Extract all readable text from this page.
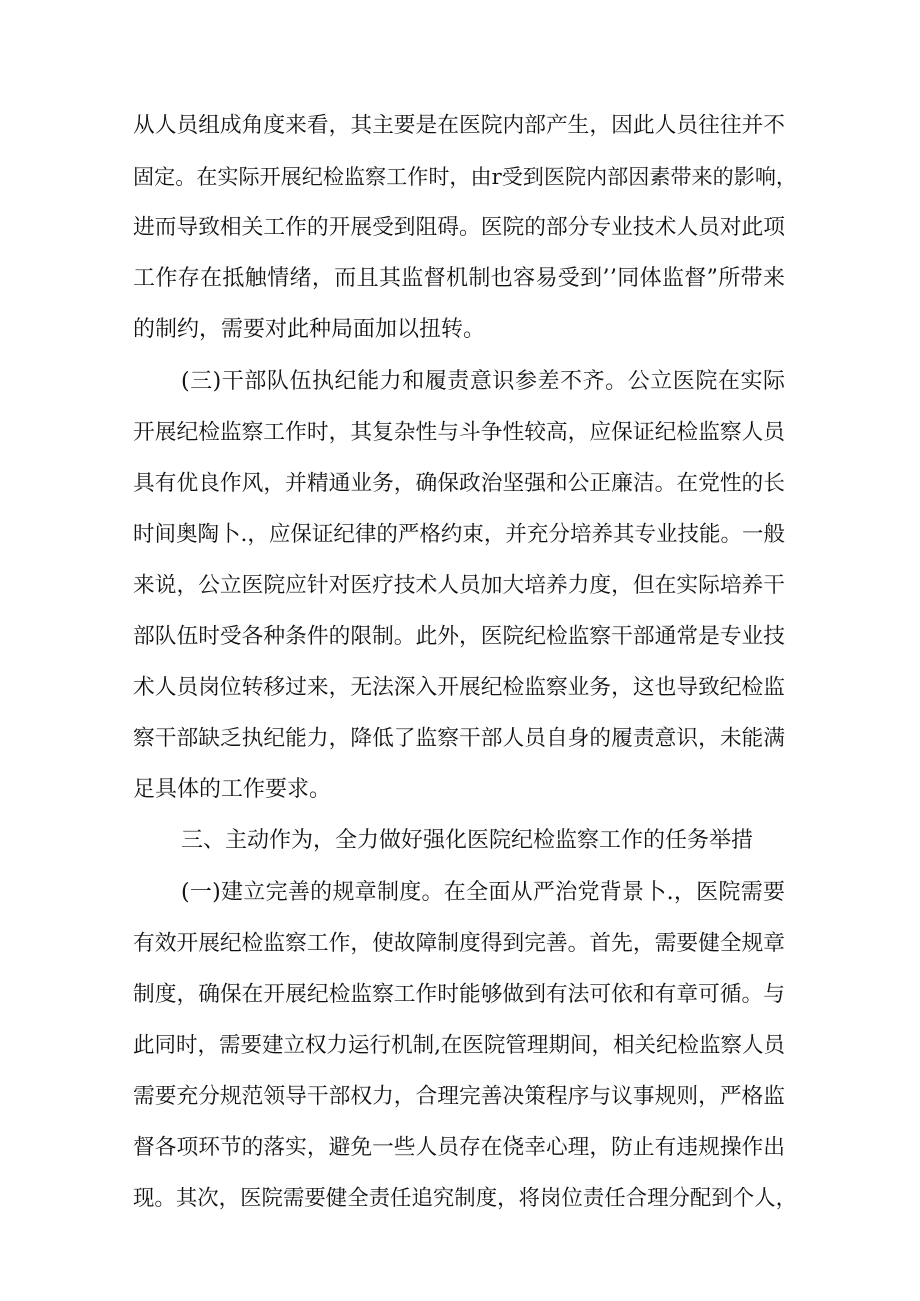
从人员组成角度来看，其主要是在医院内部产生，因此人员往往并不

固定。在实际开展纪检监察工作时，由r受到医院内部因素带来的影响，

进而导致相关工作的开展受到阻碍。医院的部分专业技术人员对此项

工作存在抵触情绪，而且其监督机制也容易受到’’同体监督”所带来

的制约，需要对此种局面加以扭转。

(三)干部队伍执纪能力和履责意识参差不齐。公立医院在实际

开展纪检监察工作时，其复杂性与斗争性较高，应保证纪检监察人员

具有优良作风，并精通业务，确保政治坚强和公正廉洁。在党性的长

时间奥陶卜.，应保证纪律的严格约束，并充分培养其专业技能。一般

来说，公立医院应针对医疗技术人员加大培养力度，但在实际培养干

部队伍时受各种条件的限制。此外，医院纪检监察干部通常是专业技

术人员岗位转移过来，无法深入开展纪检监察业务，这也导致纪检监

察干部缺乏执纪能力，降低了监察干部人员自身的履责意识，未能满

足具体的工作要求。

三、主动作为，全力做好强化医院纪检监察工作的任务举措

(一)建立完善的规章制度。在全面从严治党背景卜.，医院需要

有效开展纪检监察工作，使故障制度得到完善。首先，需要健全规章

制度，确保在开展纪检监察工作时能够做到有法可依和有章可循。与

此同时，需要建立权力运行机制,在医院管理期间，相关纪检监察人员

需要充分规范领导干部权力，合理完善决策程序与议事规则，严格监

督各项环节的落实，避免一些人员存在侥幸心理，防止有违规操作出

现。其次，医院需要健全责任追究制度，将岗位责任合理分配到个人，
